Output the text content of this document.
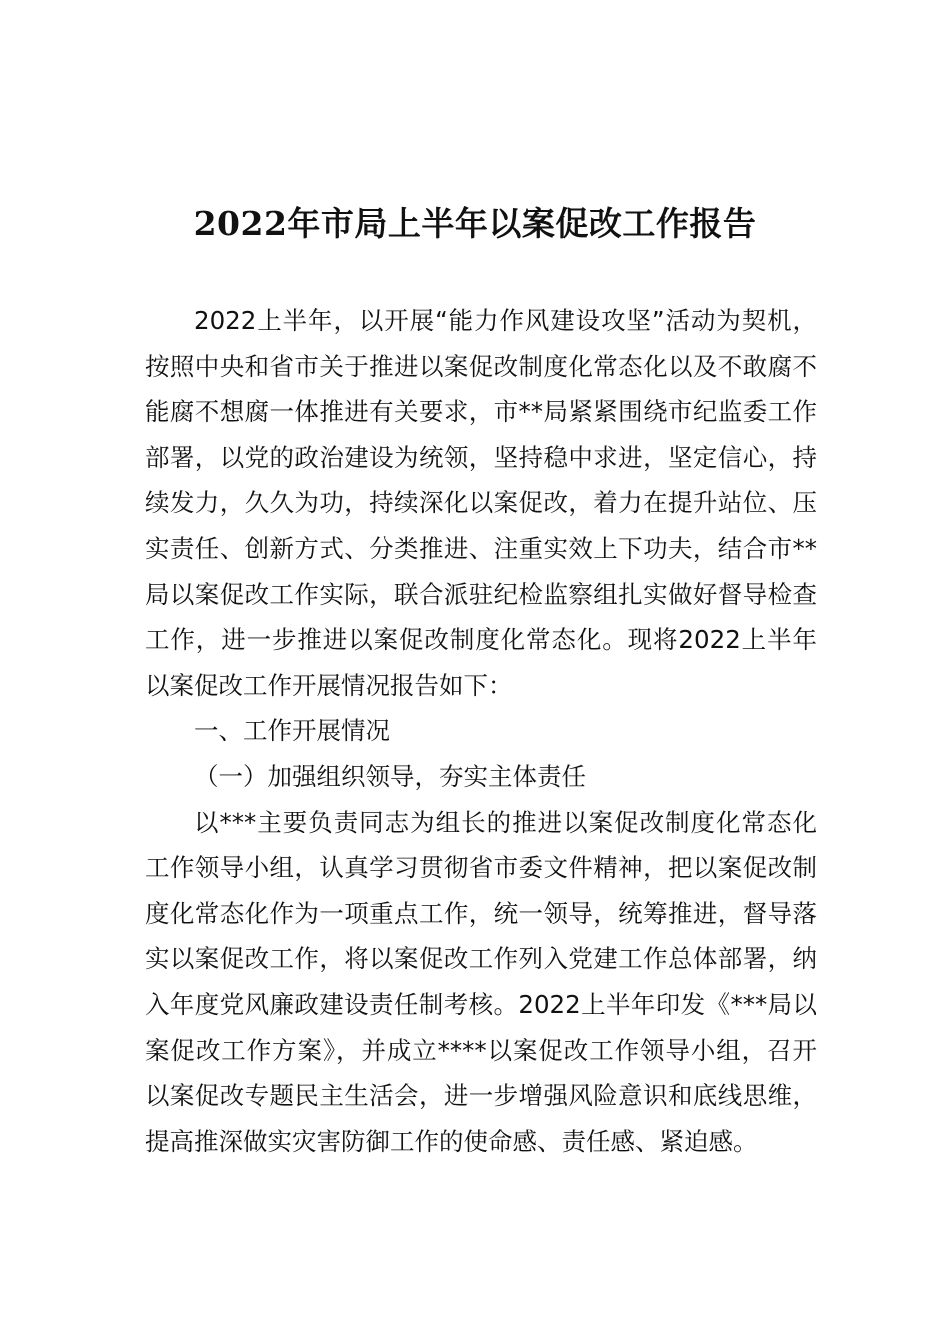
2022年市局上半年以案促改工作报告

2022上半年，以开展“能力作风建设攻坚”活动为契机，按照中央和省市关于推进以案促改制度化常态化以及不敢腐不能腐不想腐一体推进有关要求，市**局紧紧围绕市纪监委工作部署，以党的政治建设为统领，坚持稳中求进，坚定信心，持续发力，久久为功，持续深化以案促改，着力在提升站位、压实责任、创新方式、分类推进、注重实效上下功夫，结合市**局以案促改工作实际，联合派驻纪检监察组扎实做好督导检查工作，进一步推进以案促改制度化常态化。现将2022上半年以案促改工作开展情况报告如下：

一、工作开展情况

（一）加强组织领导，夯实主体责任

以***主要负责同志为组长的推进以案促改制度化常态化工作领导小组，认真学习贯彻省市委文件精神，把以案促改制度化常态化作为一项重点工作，统一领导，统筹推进，督导落实以案促改工作，将以案促改工作列入党建工作总体部署，纳入年度党风廉政建设责任制考核。2022上半年印发《***局以案促改工作方案》，并成立****以案促改工作领导小组，召开以案促改专题民主生活会，进一步增强风险意识和底线思维，提高推深做实灾害防御工作的使命感、责任感、紧迫感。
